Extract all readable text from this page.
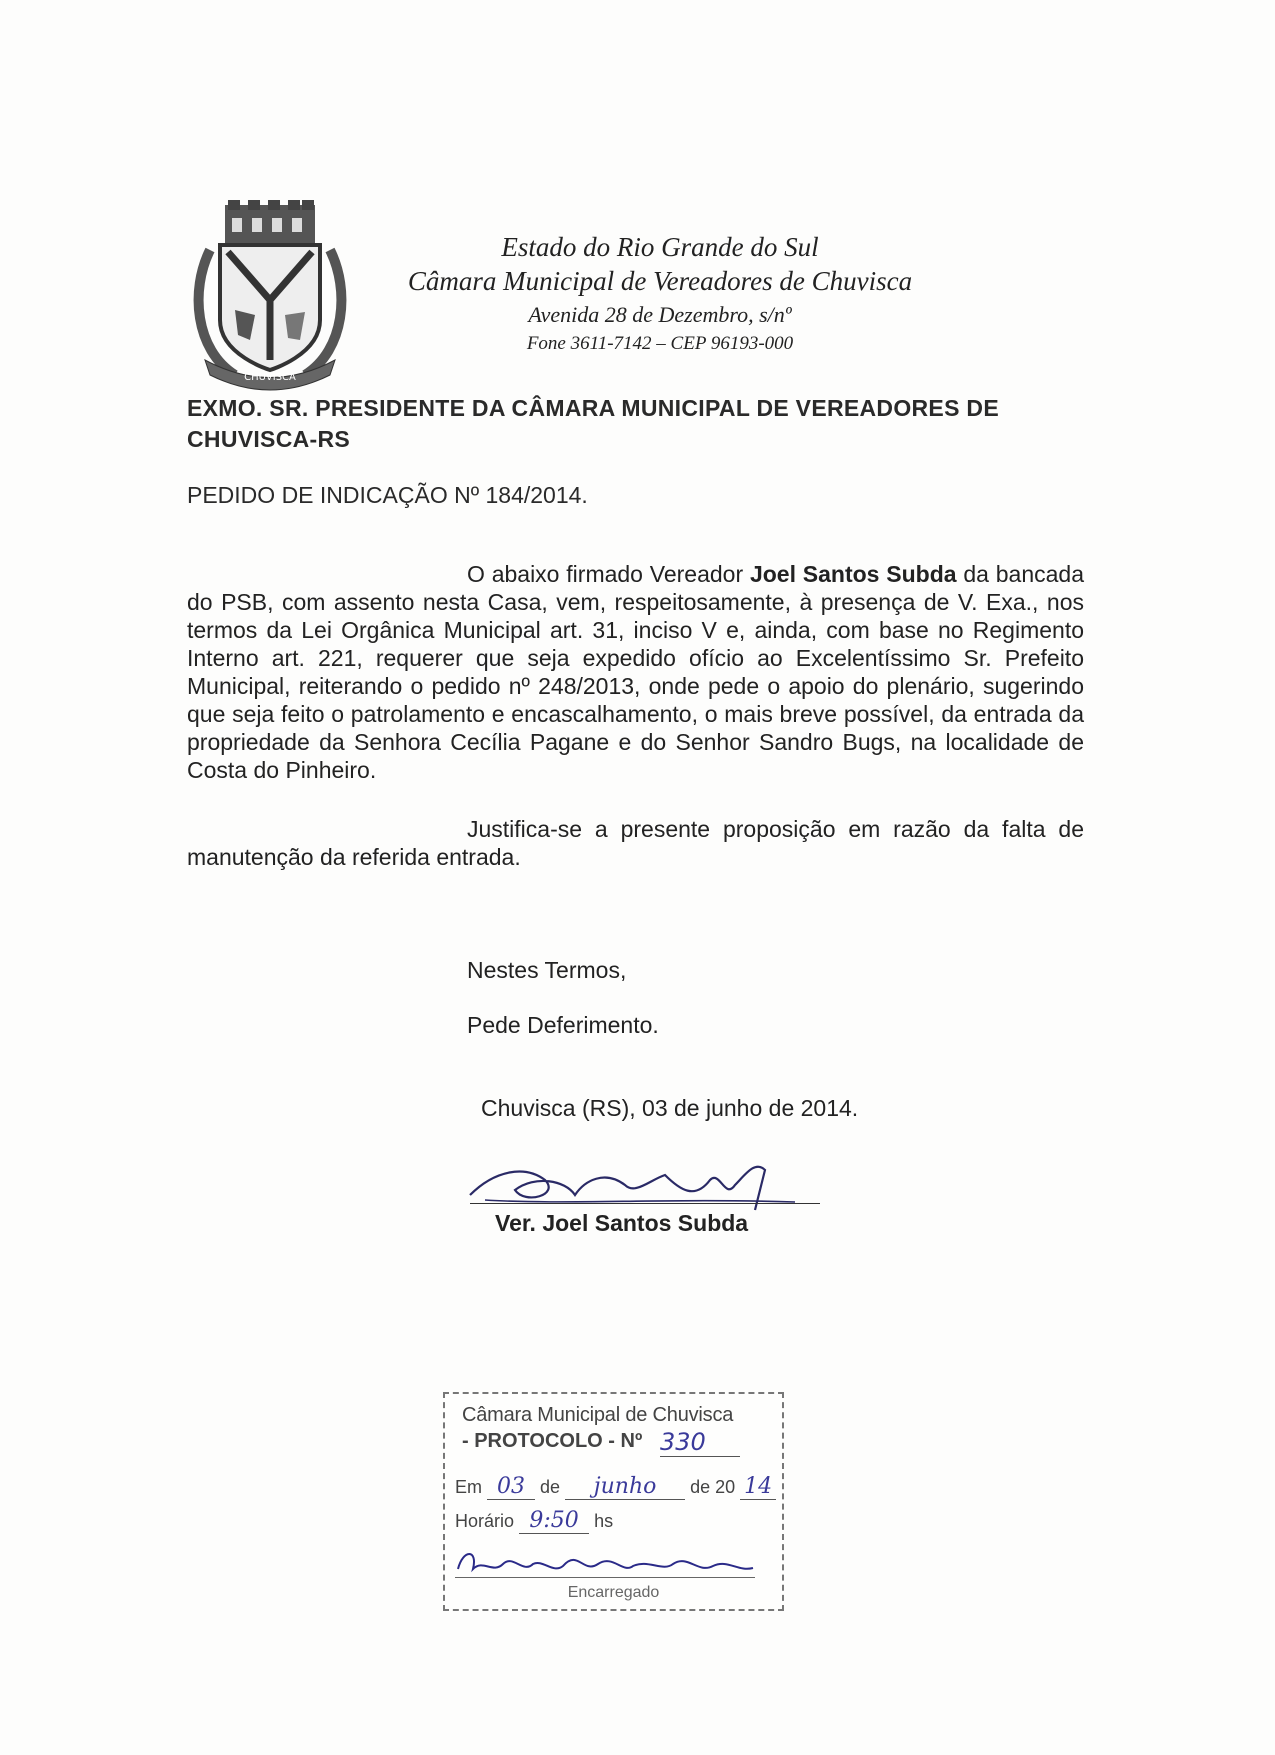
CHUVISCA
Estado do Rio Grande do Sul
Câmara Municipal de Vereadores de Chuvisca
Avenida 28 de Dezembro, s/nº
Fone 3611-7142 – CEP 96193-000
EXMO. SR. PRESIDENTE DA CÂMARA MUNICIPAL DE VEREADORES DE CHUVISCA-RS
PEDIDO DE INDICAÇÃO Nº 184/2014.
O abaixo firmado Vereador Joel Santos Subda da bancada do PSB, com assento nesta Casa, vem, respeitosamente, à presença de V. Exa., nos termos da Lei Orgânica Municipal art. 31, inciso V e, ainda, com base no Regimento Interno art. 221, requerer que seja expedido ofício ao Excelentíssimo Sr. Prefeito Municipal, reiterando o pedido nº 248/2013, onde pede o apoio do plenário, sugerindo que seja feito o patrolamento e encascalhamento, o mais breve possível, da entrada da propriedade da Senhora Cecília Pagane e do Senhor Sandro Bugs, na localidade de Costa do Pinheiro.
Justifica-se a presente proposição em razão da falta de manutenção da referida entrada.
Nestes Termos,
Pede Deferimento.
Chuvisca (RS), 03 de junho de 2014.
Ver. Joel Santos Subda
Câmara Municipal de Chuvisca
- PROTOCOLO - Nº 330
Em 03 de junho de 20 14
Horário 9:50 hs
Encarregado
